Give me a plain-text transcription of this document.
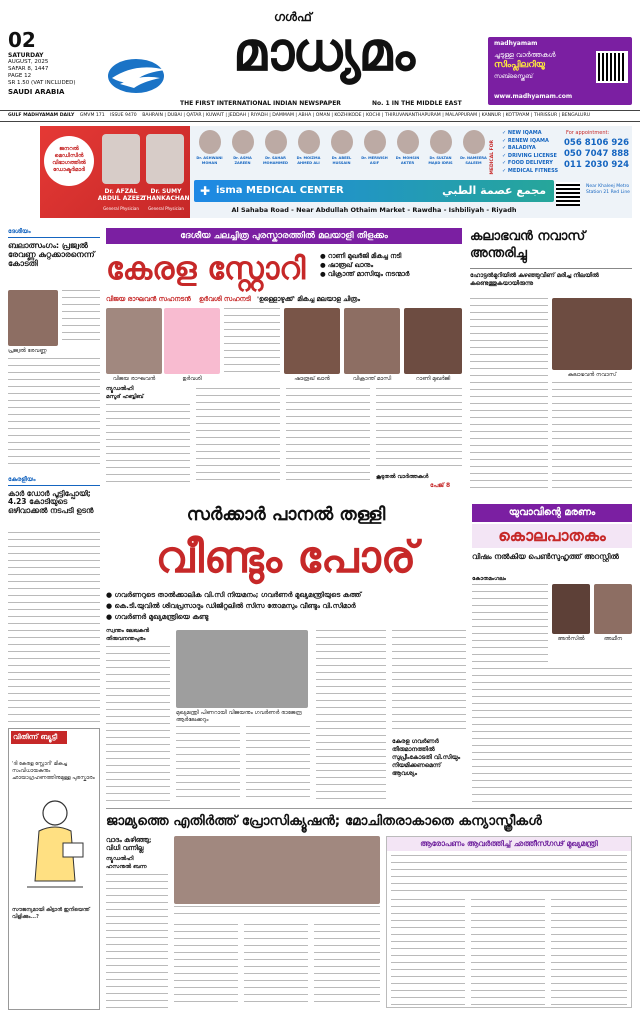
02
SATURDAY
AUGUST, 2025
SAFAR 8, 1447
PAGE 12
SR 1.50 (VAT INCLUDED)
SAUDI ARABIA
ഗൾഫ്
മാധ്യമം
THE FIRST INTERNATIONAL INDIAN NEWSPAPER	No. 1 IN THE MIDDLE EAST
madhyamam
ചൂടുള്ള വാർത്തകൾ
സിംപ്ലിലറിയൂ
സബ്സ്ക്രൈബ്
www.madhyamam.com
GULF MADHYAMAM DAILY GMVM 171 ISSUE 9470 BAHRAIN | DUBAI | QATAR | KUWAIT | JEDDAH | RIYADH | DAMMAM | ABHA | OMAN | KOZHIKODE | KOCHI | THIRUVANANTHAPURAM | MALAPPURAM | KANNUR | KOTTAYAM | THRISSUR | BENGALURU
ജനറൽ മെഡിസിൻ വിഭാഗത്തിൽ ഡോക്ടർമാർ
Dr. AFZAL ABDUL AZEEZ
Dr. SUMY THANKACHAN
General Physician	General Physician
Dr. ASHWANI MOHAN
Dr. ASMA ZAREEN
Dr. SAHAR MOHAMMED
Dr. MOIZMA AHMED ALI
Dr. ABEEL HUSSAIN
Dr. MERWISH ASIF
Dr. MOHSIN AKTER
Dr. SULTAN MAJID IDRIS
Dr. NAMEERA SALEEM
✚ isma MEDICAL CENTER	مجمع عصمة الطبي
Al Sahaba Road - Near Abdullah Othaim Market - Rawdha - Ishbiliyah - Riyadh
MEDICAL FOR
✓ NEW IQAMA
✓ RENEW IQAMA
✓ BALADIYA
✓ DRIVING LICENSE
✓ FOOD DELIVERY
✓ MEDICAL FITNESS
For appointment:
056 8106 926
050 7047 888
011 2030 924
Near Khaleej Metro Station 21 Red Line
ദേശീയം
ബലാത്സംഗം: പ്രജ്വൽ രേവണ്ണ കുറ്റക്കാരനെന്ന് കോടതി
പ്രജ്വൽ രേവണ്ണ
കേരളീയം
കാർ ഡോർ പൂട്ടിപ്പോയി; 4.23 കോടിയുടെ ഒഴിവാക്കൽ നടപടി ഉടൻ
വിതിന്ന് ബ്യൂട്ടീ
'ദി കേരള സ്റ്റോറി' മികച്ച സംവിധായകനും ഛായാഗ്രഹണത്തിനുമുള്ള പുരസ്കാരം
സൗജന്യമായി കിട്ടാൻ ഇനിയെന്ത് വിളിക്കും...?
ദേശീയ ചലച്ചിത്ര പുരസ്കാരത്തിൽ മലയാളി തിളക്കം
കേരള സ്റ്റോറി	● റാണി മുഖർജി മികച്ച നടി
● ഷാരൂഖ് ഖാനും
● വിക്രാന്ത് മാസിയും നടന്മാർ
വിജയ രാഘവൻ സഹനടൻ ഉർവശി സഹനടി 'ഉള്ളൊഴുക്ക്' മികച്ച മലയാള ചിത്രം
വിജയ രാഘവൻ	ഉർവശി	ഷാരൂഖ് ഖാൻ	വിക്രാന്ത് മാസി	റാണി മുഖർജി
ന്യൂഡൽഹി
മസൂദ് ഹബ്ബിബ്
കൂടുതൽ വാർത്തകൾ
പേജ് 8
കലാഭവൻ നവാസ് അന്തരിച്ചു
ഹോട്ടൽമുറിയിൽ കുഴഞ്ഞുവീണ് മരിച്ച നിലയിൽ കണ്ടെത്തുകയായിരുന്നു
കലാഭവൻ നവാസ്
സർക്കാർ പാനൽ തള്ളി
വീണ്ടും പോര്
● ഗവർണറുടെ താൽക്കാലിക വി.സി നിയമനം; ഗവർണർ മുഖ്യമന്ത്രിയുടെ കത്ത്
● കെ.ടി.യുവിൽ ശിവപ്രസാദും ഡിജിറ്റലിൽ സിസ തോമസും വീണ്ടും വി.സിമാർ
● ഗവർണർ മുഖ്യമന്ത്രിയെ കണ്ടു
സ്വന്തം ലേഖകൻ
തിരുവനന്തപുരം
മുഖ്യമന്ത്രി പിണറായി വിജയനും ഗവർണർ രാജേന്ദ്ര ആർലേക്കറും
കേരള ഗവർണർ തീരുമാനത്തിൽ സുപ്രീംകോടതി വി.സിയും നിയമിക്കണമെന്ന് ആവശ്യം
യുവാവിന്റെ മരണം
കൊലപാതകം
വിഷം നൽകിയ പെൺസുഹൃത്ത് അറസ്റ്റിൽ
കോതമംഗലം
അൻസിൽ	അഥീന
ജാമ്യത്തെ എതിർത്ത് പ്രോസിക്യൂഷൻ; മോചിതരാകാതെ കന്യാസ്ത്രീകൾ
വാദം കഴിഞ്ഞു;
വിധി വന്നില്ല
ന്യൂഡൽഹി
ഹസനുൽ ബന്ന
ആരോപണം ആവർത്തിച്ച് ഛത്തീസ്ഗഢ് മുഖ്യമന്ത്രി
